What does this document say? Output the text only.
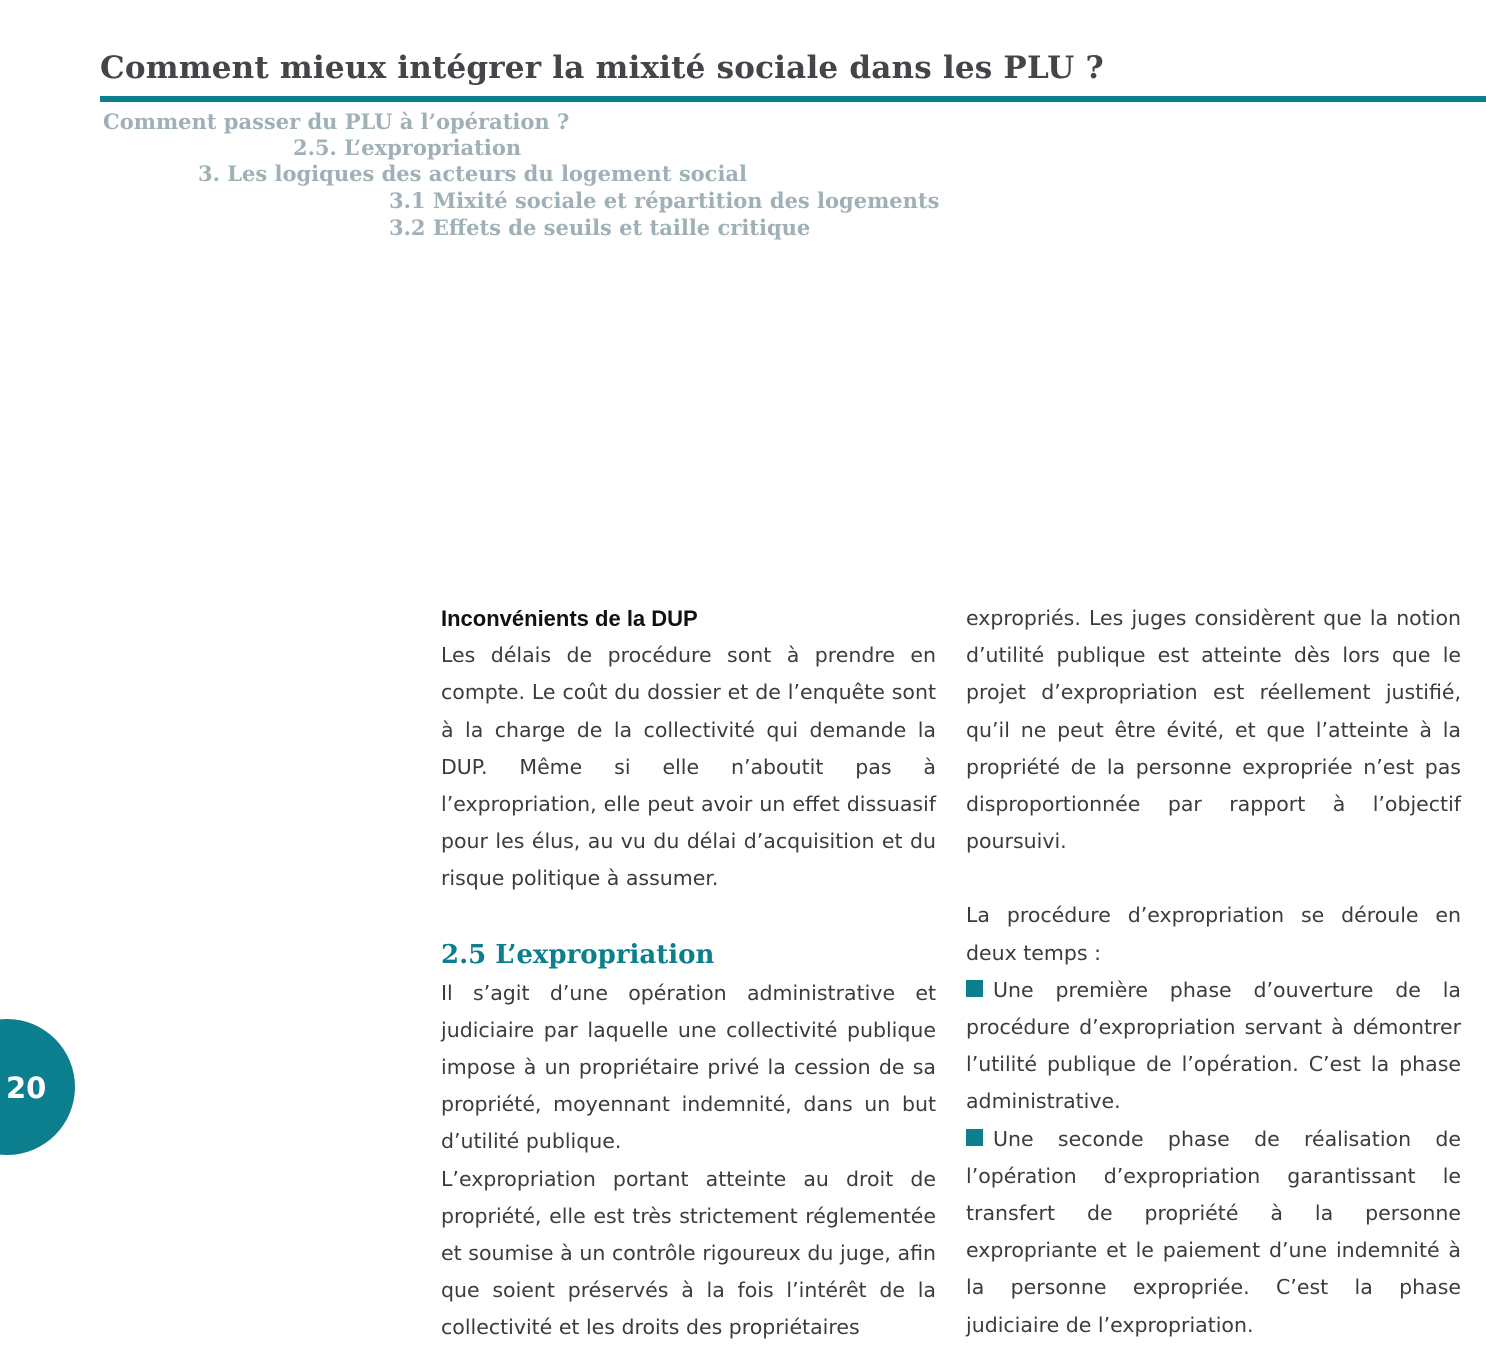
Comment mieux intégrer la mixité sociale dans les PLU ?

Comment passer du PLU à l’opération ?

2.5. L’expropriation

3. Les logiques des acteurs du logement social

3.1 Mixité sociale et répartition des logements

3.2 Effets de seuils et taille critique

20

Inconvénients de la DUP

Les délais de procédure sont à prendre en compte. Le coût du dossier et de l’enquête sont à la charge de la collectivité qui demande la DUP. Même si elle n’aboutit pas à l’expropriation, elle peut avoir un effet dissuasif pour les élus, au vu du délai d’acquisition et du risque politique à assumer.

2.5 L’expropriation

Il s’agit d’une opération administrative et judiciaire par laquelle une collectivité publique impose à un propriétaire privé la cession de sa propriété, moyennant indemnité, dans un but d’utilité publique.

L’expropriation portant atteinte au droit de propriété, elle est très strictement réglementée et soumise à un contrôle rigoureux du juge, afin que soient préservés à la fois l’intérêt de la collectivité et les droits des propriétaires

expropriés. Les juges considèrent que la notion d’utilité publique est atteinte dès lors que le projet d’expropriation est réellement justifié, qu’il ne peut être évité, et que l’atteinte à la propriété de la personne expropriée n’est pas disproportionnée par rapport à l’objectif poursuivi.

La procédure d’expropriation se déroule en deux temps :

Une première phase d’ouverture de la procédure d’expropriation servant à démontrer l’utilité publique de l’opération. C’est la phase administrative.

Une seconde phase de réalisation de l’opération d’expropriation garantissant le transfert de propriété à la personne expropriante et le paiement d’une indemnité à la personne expropriée. C’est la phase judiciaire de l’expropriation.
